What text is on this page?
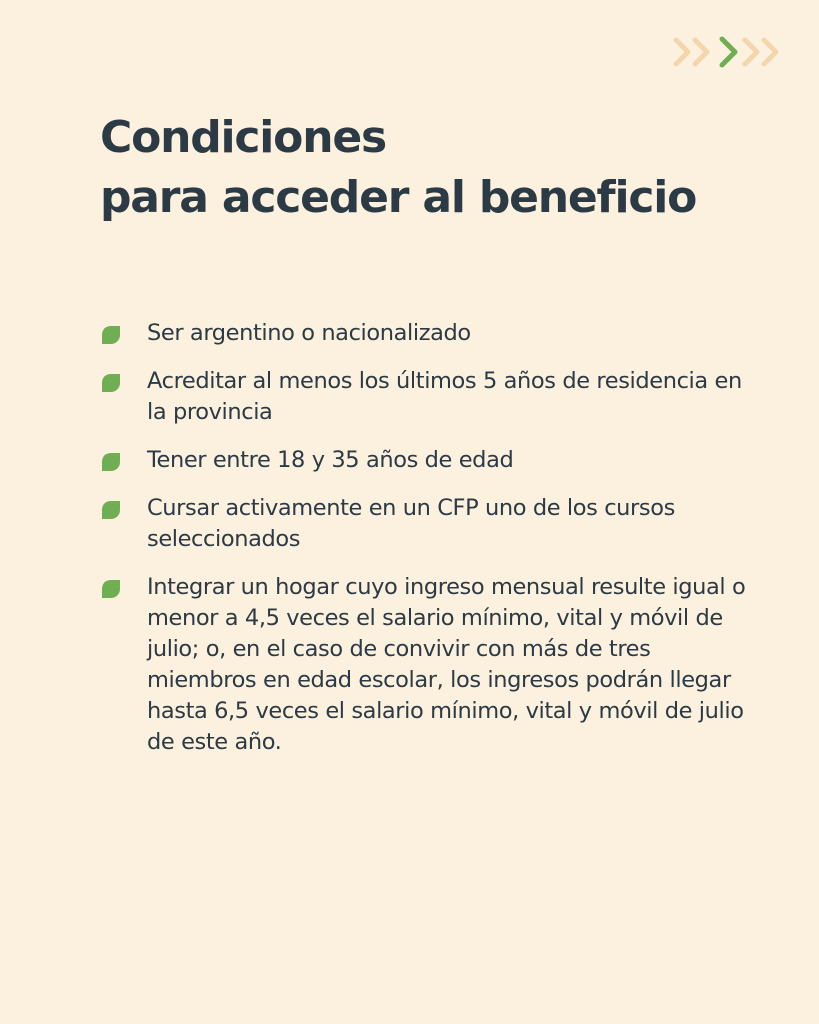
Condiciones
para acceder al beneficio
Ser argentino o nacionalizado
Acreditar al menos los últimos 5 años de residencia en la provincia
Tener entre 18 y 35 años de edad
Cursar activamente en un CFP uno de los cursos seleccionados
Integrar un hogar cuyo ingreso mensual resulte igual o menor a 4,5 veces el salario mínimo, vital y móvil de julio; o, en el caso de convivir con más de tres miembros en edad escolar, los ingresos podrán llegar hasta 6,5 veces el salario mínimo, vital y móvil de julio de este año.
